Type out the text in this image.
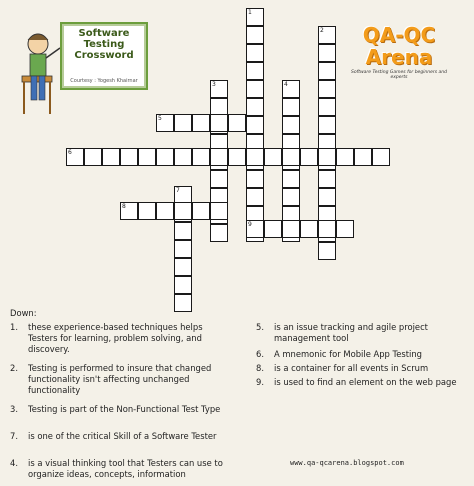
Software Testing Crossword
Courtesy : Yogesh Khairnar
QA-QC
Arena
Software Testing Games for beginners and experts
1
2
3	4
5
6
7
8
9
Down:
1. these experience-based techniques helps Testers for learning, problem solving, and discovery.
2. Testing is performed to insure that changed functionality isn't affecting unchanged functionality
3. Testing is part of the Non-Functional Test Type
7. is one of the critical Skill of a Software Tester
4. is a visual thinking tool that Testers can use to organize ideas, concepts, information
5. is an issue tracking and agile project management tool
6. A mnemonic for Mobile App Testing
8. is a container for all events in Scrum
9. is used to find an element on the web page
www.qa-qcarena.blogspot.com
